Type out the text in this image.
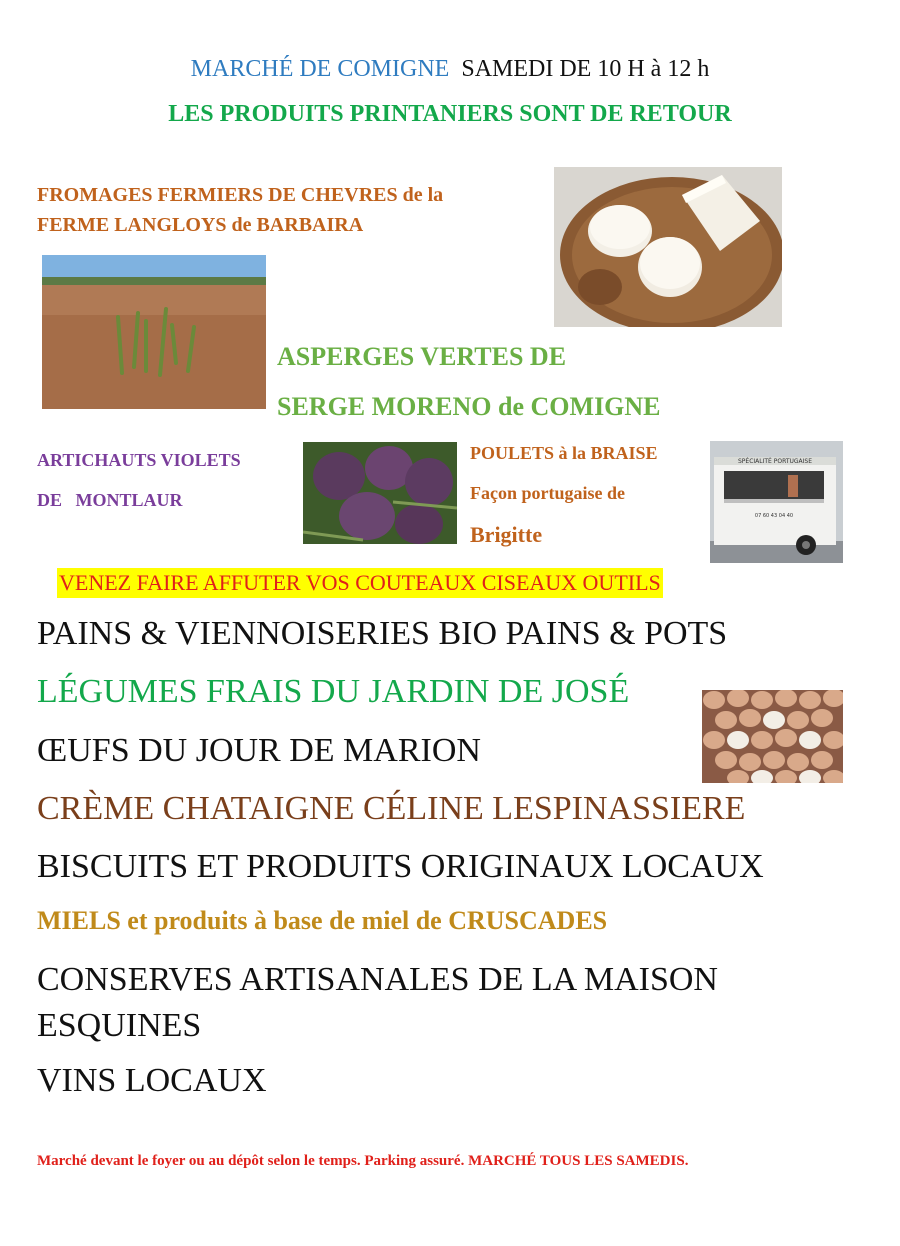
MARCHÉ DE COMIGNE SAMEDI DE 10 H à 12 h
LES PRODUITS PRINTANIERS SONT DE RETOUR
FROMAGES FERMIERS DE CHEVRES de la
FERME LANGLOYS de BARBAIRA
ASPERGES VERTES DE
SERGE MORENO de COMIGNE
ARTICHAUTS VIOLETS
DE   MONTLAUR
POULETS à la BRAISE
Façon portugaise de
Brigitte
SPÉCIALITÉ PORTUGAISE
07 60 43 04 40
VENEZ FAIRE AFFUTER VOS COUTEAUX CISEAUX OUTILS
PAINS & VIENNOISERIES BIO PAINS & POTS
LÉGUMES FRAIS DU JARDIN DE JOSÉ
ŒUFS DU JOUR DE MARION
CRÈME CHATAIGNE CÉLINE LESPINASSIERE
BISCUITS ET PRODUITS ORIGINAUX LOCAUX
MIELS et produits à base de miel de CRUSCADES
CONSERVES ARTISANALES DE LA MAISON ESQUINES
VINS LOCAUX
Marché devant le foyer ou au dépôt selon le temps. Parking assuré. MARCHÉ TOUS LES SAMEDIS.
